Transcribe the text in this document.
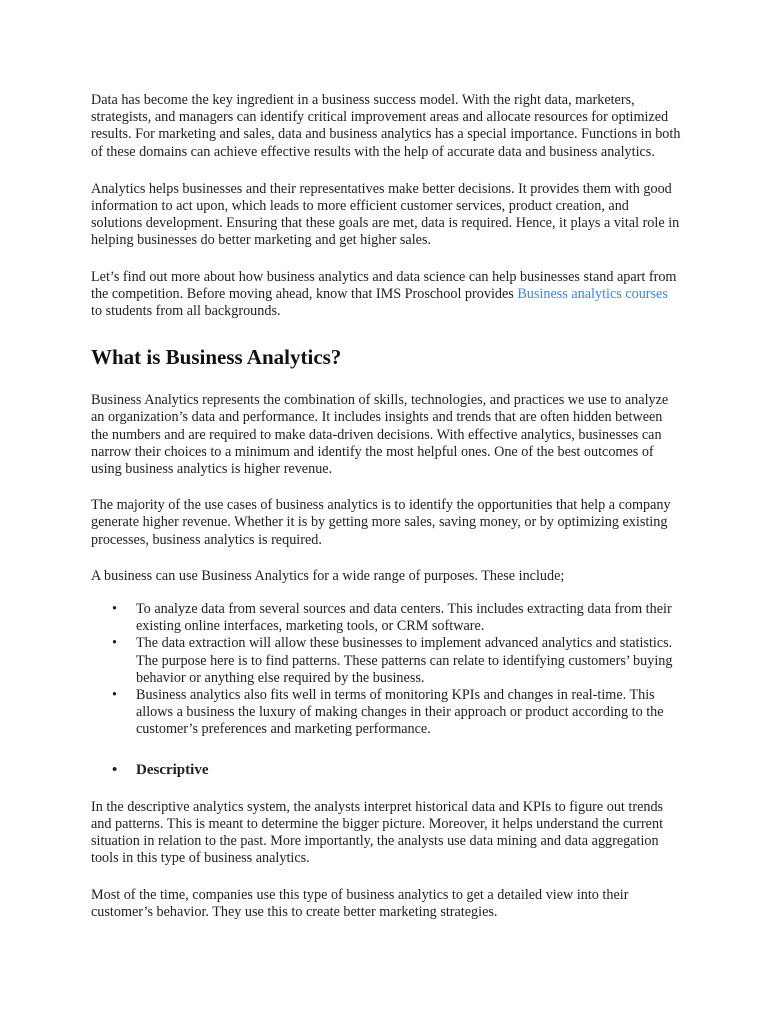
Data has become the key ingredient in a business success model. With the right data, marketers, strategists, and managers can identify critical improvement areas and allocate resources for optimized results. For marketing and sales, data and business analytics has a special importance. Functions in both of these domains can achieve effective results with the help of accurate data and business analytics.

Analytics helps businesses and their representatives make better decisions. It provides them with good information to act upon, which leads to more efficient customer services, product creation, and solutions development. Ensuring that these goals are met, data is required. Hence, it plays a vital role in helping businesses do better marketing and get higher sales.

Let’s find out more about how business analytics and data science can help businesses stand apart from the competition. Before moving ahead, know that IMS Proschool provides Business analytics courses to students from all backgrounds.

What is Business Analytics?

Business Analytics represents the combination of skills, technologies, and practices we use to analyze an organization’s data and performance. It includes insights and trends that are often hidden between the numbers and are required to make data-driven decisions. With effective analytics, businesses can narrow their choices to a minimum and identify the most helpful ones. One of the best outcomes of using business analytics is higher revenue.

The majority of the use cases of business analytics is to identify the opportunities that help a company generate higher revenue. Whether it is by getting more sales, saving money, or by optimizing existing processes, business analytics is required.

A business can use Business Analytics for a wide range of purposes. These include;

• To analyze data from several sources and data centers. This includes extracting data from their existing online interfaces, marketing tools, or CRM software.
• The data extraction will allow these businesses to implement advanced analytics and statistics. The purpose here is to find patterns. These patterns can relate to identifying customers’ buying behavior or anything else required by the business.
• Business analytics also fits well in terms of monitoring KPIs and changes in real-time. This allows a business the luxury of making changes in their approach or product according to the customer’s preferences and marketing performance.
• Descriptive

In the descriptive analytics system, the analysts interpret historical data and KPIs to figure out trends and patterns. This is meant to determine the bigger picture. Moreover, it helps understand the current situation in relation to the past. More importantly, the analysts use data mining and data aggregation tools in this type of business analytics.

Most of the time, companies use this type of business analytics to get a detailed view into their customer’s behavior. They use this to create better marketing strategies.
